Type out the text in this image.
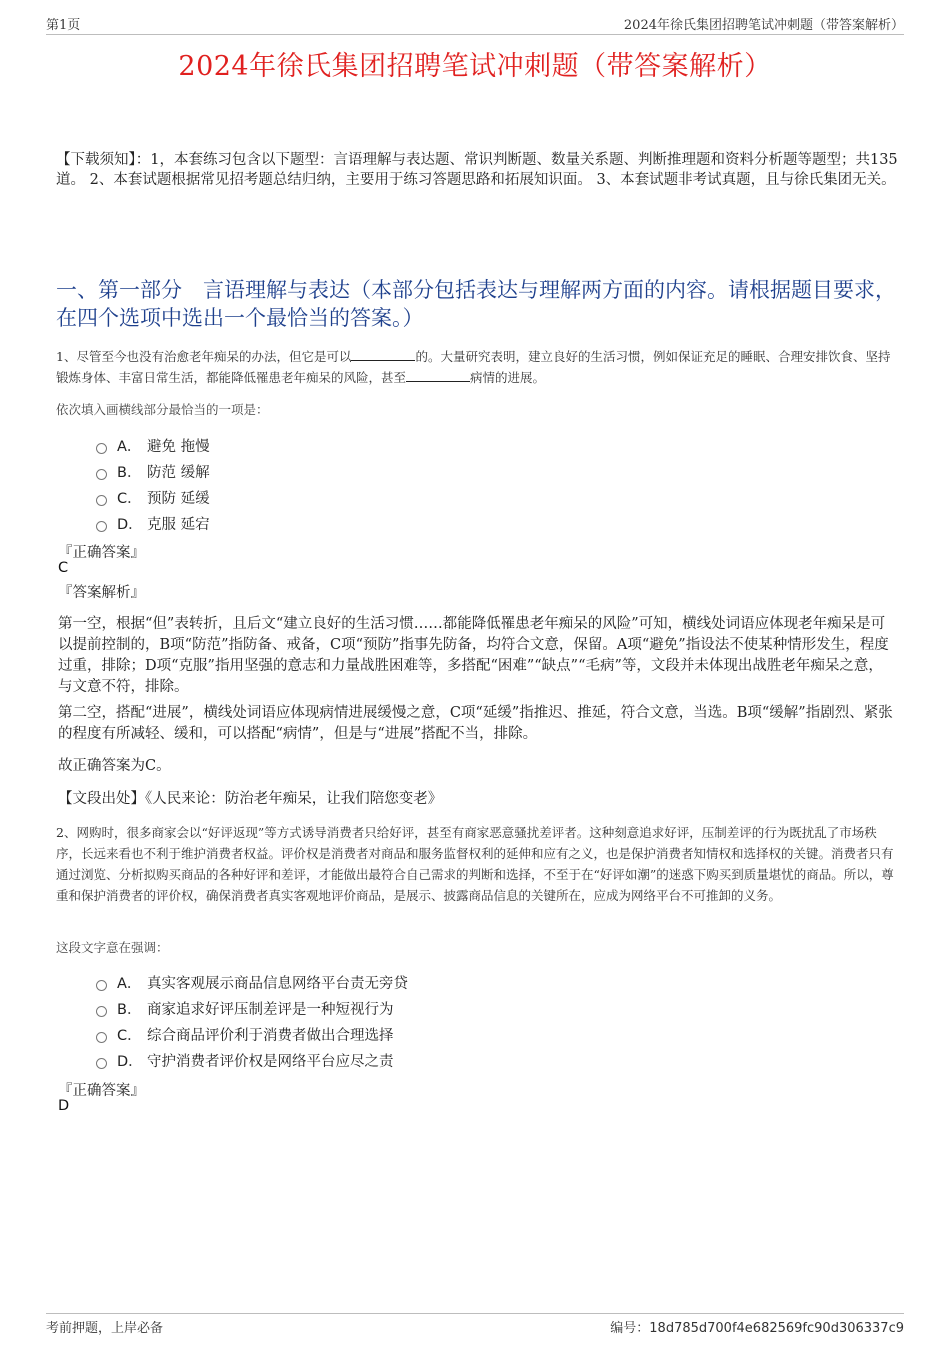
第1页	2024年徐氏集团招聘笔试冲刺题（带答案解析）
2024年徐氏集团招聘笔试冲刺题（带答案解析）
【下载须知】：1，本套练习包含以下题型：言语理解与表达题、常识判断题、数量关系题、判断推理题和资料分析题等题型；共135道。 2、本套试题根据常见招考题总结归纳，主要用于练习答题思路和拓展知识面。 3、本套试题非考试真题，且与徐氏集团无关。
一、第一部分　言语理解与表达（本部分包括表达与理解两方面的内容。请根据题目要求，在四个选项中选出一个最恰当的答案。）
1、尽管至今也没有治愈老年痴呆的办法，但它是可以	的。大量研究表明，建立良好的生活习惯，例如保证充足的睡眠、合理安排饮食、坚持锻炼身体、丰富日常生活，都能降低罹患老年痴呆的风险，甚至	病情的进展。
依次填入画横线部分最恰当的一项是：
A． 避免 拖慢
B． 防范 缓解
C． 预防 延缓
D． 克服 延宕
『正确答案』
C
『答案解析』
第一空，根据“但”表转折，且后文“建立良好的生活习惯……都能降低罹患老年痴呆的风险”可知，横线处词语应体现老年痴呆是可以提前控制的，B项“防范”指防备、戒备，C项“预防”指事先防备，均符合文意，保留。A项“避免”指设法不使某种情形发生，程度过重，排除；D项“克服”指用坚强的意志和力量战胜困难等，多搭配“困难”“缺点”“毛病”等，文段并未体现出战胜老年痴呆之意，与文意不符，排除。
第二空，搭配“进展”，横线处词语应体现病情进展缓慢之意，C项“延缓”指推迟、推延，符合文意，当选。B项“缓解”指剧烈、紧张的程度有所减轻、缓和，可以搭配“病情”，但是与“进展”搭配不当，排除。
故正确答案为C。
【文段出处】《人民来论：防治老年痴呆，让我们陪您变老》
2、网购时，很多商家会以“好评返现”等方式诱导消费者只给好评，甚至有商家恶意骚扰差评者。这种刻意追求好评，压制差评的行为既扰乱了市场秩序，长远来看也不利于维护消费者权益。评价权是消费者对商品和服务监督权利的延伸和应有之义，也是保护消费者知情权和选择权的关键。消费者只有通过浏览、分析拟购买商品的各种好评和差评，才能做出最符合自己需求的判断和选择，不至于在“好评如潮”的迷惑下购买到质量堪忧的商品。所以，尊重和保护消费者的评价权，确保消费者真实客观地评价商品，是展示、披露商品信息的关键所在，应成为网络平台不可推卸的义务。
这段文字意在强调：
A． 真实客观展示商品信息网络平台责无旁贷
B． 商家追求好评压制差评是一种短视行为
C． 综合商品评价利于消费者做出合理选择
D． 守护消费者评价权是网络平台应尽之责
『正确答案』
D
考前押题，上岸必备	编号：18d785d700f4e682569fc90d306337c9
